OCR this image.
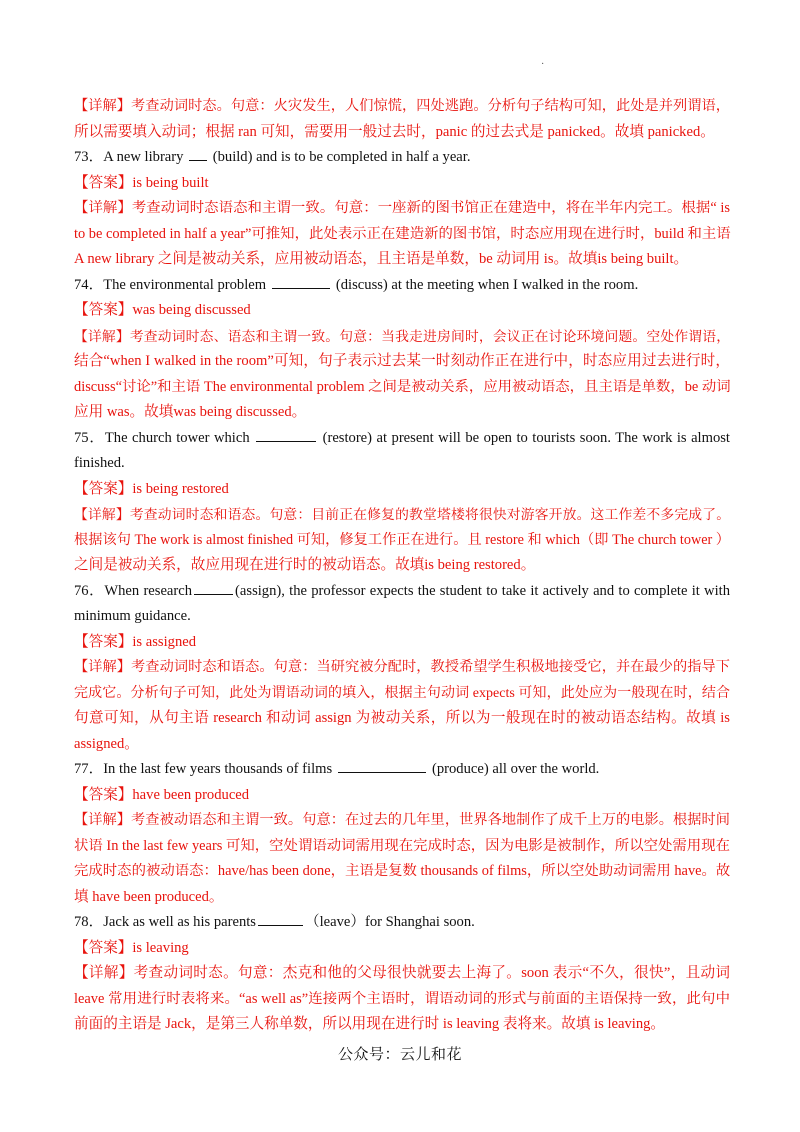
·
【详解】考查动词时态。句意：火灾发生，人们惊慌，四处逃跑。分析句子结构可知，此处是并列谓语，
所以需要填入动词；根据 ran 可知，需要用一般过去时，panic 的过去式是 panicked。故填 panicked。
73．A new library  (build) and is to be completed in half a year.
【答案】is being built
【详解】考查动词时态语态和主谓一致。句意：一座新的图书馆正在建造中，将在半年内完工。根据“ is
to be completed in half a year”可推知，此处表示正在建造新的图书馆，时态应用现在进行时，build 和主语
A new library 之间是被动关系，应用被动语态，且主语是单数，be 动词用 is。故填is being built。
74．The environmental problem	(discuss) at the meeting when I walked in the room.
【答案】was being discussed
【详解】考查动词时态、语态和主谓一致。句意：当我走进房间时，会议正在讨论环境问题。空处作谓语，
结合“when I walked in the room”可知，句子表示过去某一时刻动作正在进行中，时态应用过去进行时，
discuss“讨论”和主语 The environmental problem 之间是被动关系，应用被动语态，且主语是单数，be 动词
应用 was。故填was being discussed。
75．The church tower which	(restore) at present will be open to tourists soon. The work is almost
finished.
【答案】is being restored
【详解】考查动词时态和语态。句意：目前正在修复的教堂塔楼将很快对游客开放。这工作差不多完成了。
根据该句 The work is almost finished 可知，修复工作正在进行。且 restore 和 which（即 The church tower ）
之间是被动关系，故应用现在进行时的被动语态。故填is being restored。
76．When research	(assign), the professor expects the student to take it actively and to complete it with
minimum guidance.
【答案】is assigned
【详解】考查动词时态和语态。句意：当研究被分配时，教授希望学生积极地接受它，并在最少的指导下
完成它。分析句子可知，此处为谓语动词的填入，根据主句动词 expects 可知，此处应为一般现在时，结合
句意可知，从句主语 research 和动词 assign 为被动关系，所以为一般现在时的被动语态结构。故填 is
assigned。
77．In the last few years thousands of films	(produce) all over the world.
【答案】have been produced
【详解】考查被动语态和主谓一致。句意：在过去的几年里，世界各地制作了成千上万的电影。根据时间
状语 In the last few years 可知，空处谓语动词需用现在完成时态，因为电影是被制作，所以空处需用现在
完成时态的被动语态：have/has been done，主语是复数 thousands of films，所以空处助动词需用 have。故
填 have been produced。
78．Jack as well as his parents	（leave）for Shanghai soon.
【答案】is leaving
【详解】考查动词时态。句意：杰克和他的父母很快就要去上海了。soon 表示“不久，很快”，且动词
leave 常用进行时表将来。“as well as”连接两个主语时，谓语动词的形式与前面的主语保持一致，此句中
前面的主语是 Jack，是第三人称单数，所以用现在进行时 is leaving 表将来。故填 is leaving。
公众号：云儿和花
